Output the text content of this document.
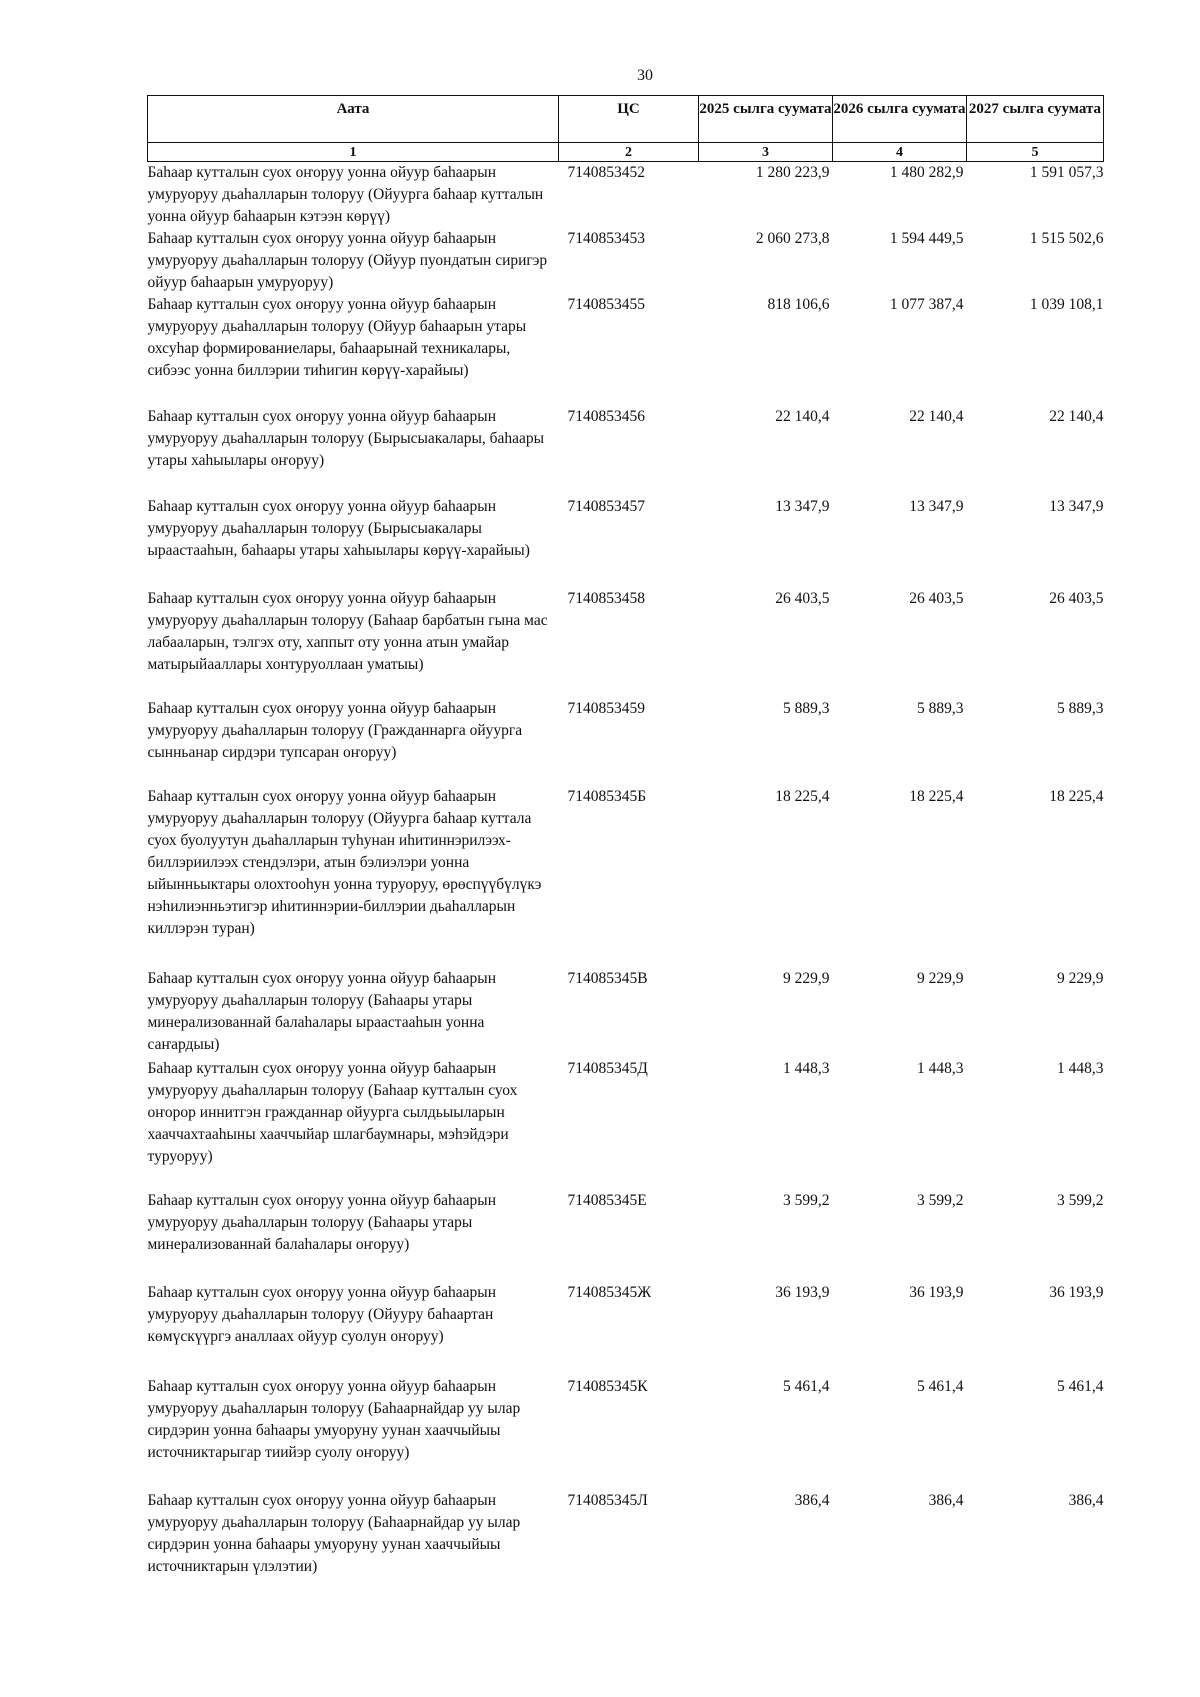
30
Аата	ЦС	2025 сылга суумата	2026 сылга суумата	2027 сылга суумата
1	2	3	4	5
Баһаар кутталын суох оҥоруу уонна ойуур баһаарын умуруоруу дьаһалларын толоруу (Ойуурга баһаар кутталын уонна ойуур баһаарын кэтээн көрүү)	7140853452	1 280 223,9	1 480 282,9	1 591 057,3
Баһаар кутталын суох оҥоруу уонна ойуур баһаарын умуруоруу дьаһалларын толоруу (Ойуур пуондатын сиригэр ойуур баһаарын умуруоруу)	7140853453	2 060 273,8	1 594 449,5	1 515 502,6
Баһаар кутталын суох оҥоруу уонна ойуур баһаарын умуруоруу дьаһалларын толоруу (Ойуур баһаарын утары охсуһар формированиелары, баһаарынай техникалары, сибээс уонна биллэрии тиһигин көрүү-харайыы)	7140853455	818 106,6	1 077 387,4	1 039 108,1
Баһаар кутталын суох оҥоруу уонна ойуур баһаарын умуруоруу дьаһалларын толоруу (Бырысыакалары, баһаары утары хаһыылары оҥоруу)	7140853456	22 140,4	22 140,4	22 140,4
Баһаар кутталын суох оҥоруу уонна ойуур баһаарын умуруоруу дьаһалларын толоруу (Бырысыакалары ыраастааһын, баһаары утары хаһыылары көрүү-харайыы)	7140853457	13 347,9	13 347,9	13 347,9
Баһаар кутталын суох оҥоруу уонна ойуур баһаарын умуруоруу дьаһалларын толоруу (Баһаар барбатын гына мас лабааларын, тэлгэх оту, хаппыт оту уонна атын умайар матырыйааллары хонтуруоллаан уматыы)	7140853458	26 403,5	26 403,5	26 403,5
Баһаар кутталын суох оҥоруу уонна ойуур баһаарын умуруоруу дьаһалларын толоруу (Гражданнарга ойуурга сынньанар сирдэри тупсаран оҥоруу)	7140853459	5 889,3	5 889,3	5 889,3
Баһаар кутталын суох оҥоруу уонна ойуур баһаарын умуруоруу дьаһалларын толоруу (Ойуурга баһаар куттала суох буолуутун дьаһалларын туһунан иһитиннэрилээх-биллэриилээх стендэлэри, атын бэлиэлэри уонна ыйынньыктары олохтооһун уонна туруоруу, өрөспүүбүлүкэ нэһилиэнньэтигэр иһитиннэрии-биллэрии дьаһалларын киллэрэн туран)	714085345Б	18 225,4	18 225,4	18 225,4
Баһаар кутталын суох оҥоруу уонна ойуур баһаарын умуруоруу дьаһалларын толоруу (Баһаары утары минерализованнай балаһалары ыраастааһын уонна саҥардыы)	714085345В	9 229,9	9 229,9	9 229,9
Баһаар кутталын суох оҥоруу уонна ойуур баһаарын умуруоруу дьаһалларын толоруу (Баһаар кутталын суох оҥорор иннитгэн гражданнар ойуурга сылдьыыларын хааччахтааһыны хааччыйар шлагбаумнары, мэһэйдэри туруоруу)	714085345Д	1 448,3	1 448,3	1 448,3
Баһаар кутталын суох оҥоруу уонна ойуур баһаарын умуруоруу дьаһалларын толоруу (Баһаары утары минерализованнай балаһалары оҥоруу)	714085345Е	3 599,2	3 599,2	3 599,2
Баһаар кутталын суох оҥоруу уонна ойуур баһаарын умуруоруу дьаһалларын толоруу (Ойууру баһаартан көмүскүүргэ аналлаах ойуур суолун оҥоруу)	714085345Ж	36 193,9	36 193,9	36 193,9
Баһаар кутталын суох оҥоруу уонна ойуур баһаарын умуруоруу дьаһалларын толоруу (Баһаарнайдар уу ылар сирдэрин уонна баһаары умуоруну уунан хааччыйыы источниктарыгар тиийэр суолу оҥоруу)	714085345К	5 461,4	5 461,4	5 461,4
Баһаар кутталын суох оҥоруу уонна ойуур баһаарын умуруоруу дьаһалларын толоруу (Баһаарнайдар уу ылар сирдэрин уонна баһаары умуоруну уунан хааччыйыы источниктарын үлэлэтии)	714085345Л	386,4	386,4	386,4
